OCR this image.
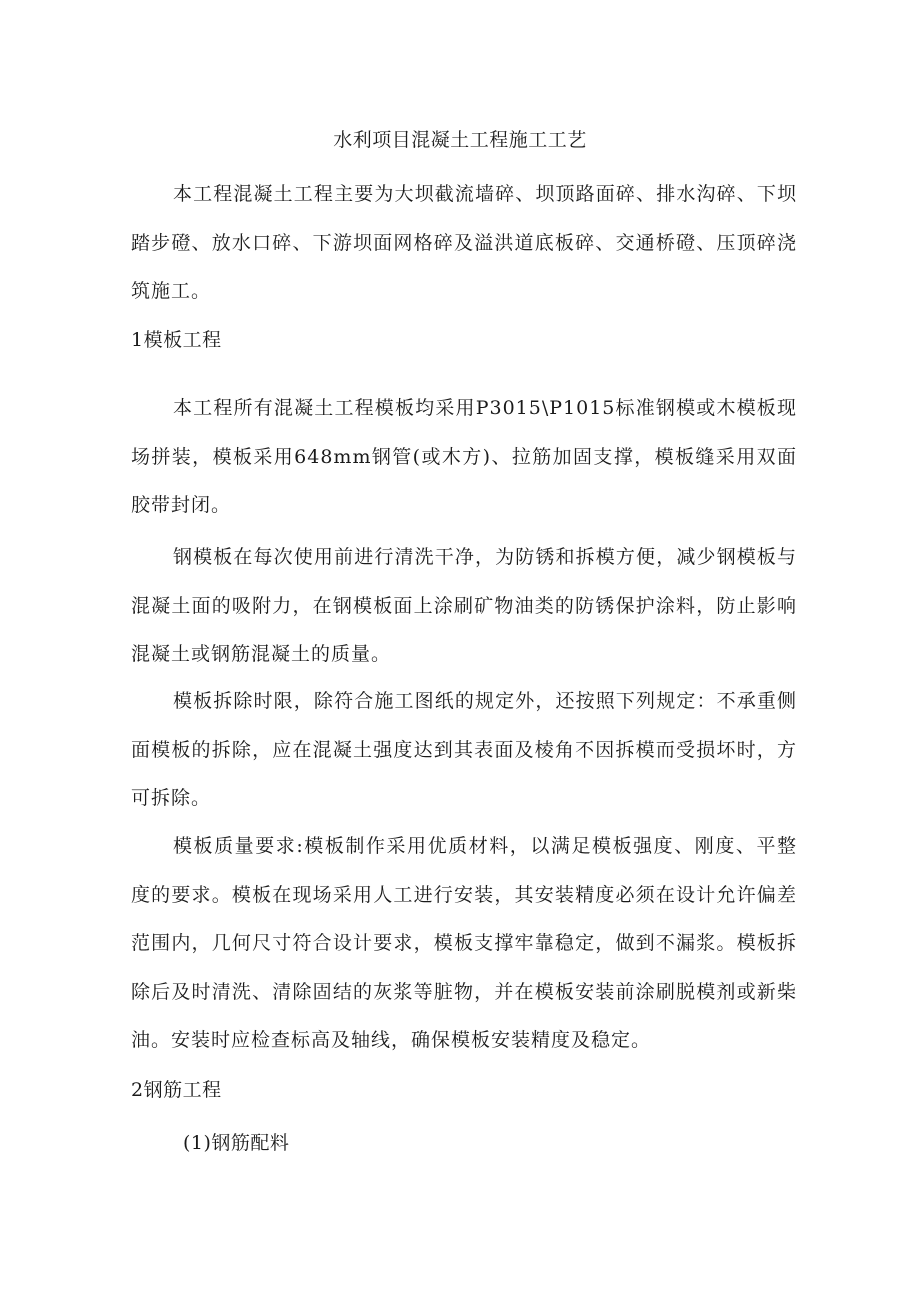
水利项目混凝土工程施工工艺

本工程混凝土工程主要为大坝截流墙碎、坝顶路面碎、排水沟碎、下坝踏步磴、放水口碎、下游坝面网格碎及溢洪道底板碎、交通桥磴、压顶碎浇筑施工。

1模板工程

本工程所有混凝土工程模板均采用P3015\P1015标准钢模或木模板现场拼装，模板采用648mm钢管(或木方)、拉筋加固支撑，模板缝采用双面胶带封闭。

钢模板在每次使用前进行清洗干净，为防锈和拆模方便，减少钢模板与混凝土面的吸附力，在钢模板面上涂刷矿物油类的防锈保护涂料，防止影响混凝土或钢筋混凝土的质量。

模板拆除时限，除符合施工图纸的规定外，还按照下列规定：不承重侧面模板的拆除，应在混凝土强度达到其表面及棱角不因拆模而受损坏时，方可拆除。

模板质量要求:模板制作采用优质材料，以满足模板强度、刚度、平整度的要求。模板在现场采用人工进行安装，其安装精度必须在设计允许偏差范围内，几何尺寸符合设计要求，模板支撑牢靠稳定，做到不漏浆。模板拆除后及时清洗、清除固结的灰浆等脏物，并在模板安装前涂刷脱模剂或新柴油。安装时应检查标高及轴线，确保模板安装精度及稳定。

2钢筋工程

(1)钢筋配料
